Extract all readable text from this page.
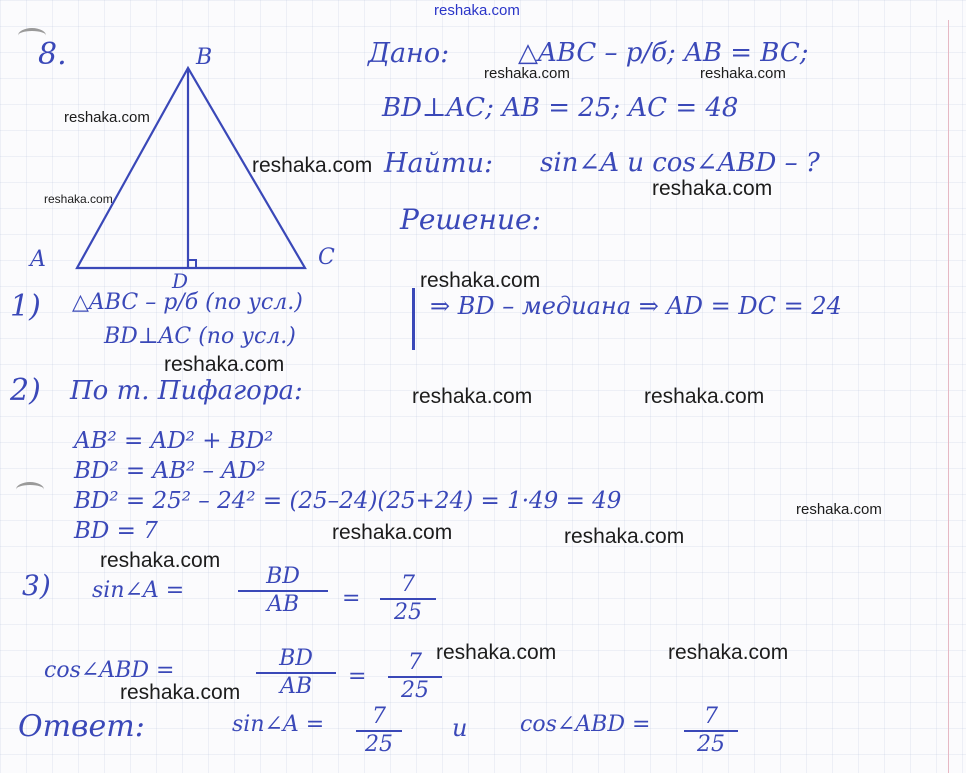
reshaka.com
8.	B
A	C
D
Дано:	△ABC – р/б; AB = BC;
BD⊥AC; AB = 25; AC = 48
Найти: sin∠A и cos∠ABD – ?
Решение:
1) △ABC – р/б (по усл.)
BD⊥AC (по усл.)
⇒ BD – медиана ⇒ AD = DC = 24
2) По т. Пифагора:
AB² = AD² + BD²
BD² = AB² – AD²
BD² = 25² – 24² = (25–24)(25+24) = 1·49 = 49
BD = 7
3) sin∠A = $\frac{BD}{AB} = \frac{7}{25}$
cos∠ABD =	$\frac{BD}{AB} = \frac{7}{25}$
Ответ:	sin∠A = $\frac{7}{25}$ и cos∠ABD = $\frac{7}{25}$
reshaka.com	reshaka.com
reshaka.com
reshaka.com
reshaka.com
reshaka.com
reshaka.com
reshaka.com
reshaka.com	reshaka.com
reshaka.com
reshaka.com	reshaka.com
reshaka.com
reshaka.com	reshaka.com
reshaka.com
